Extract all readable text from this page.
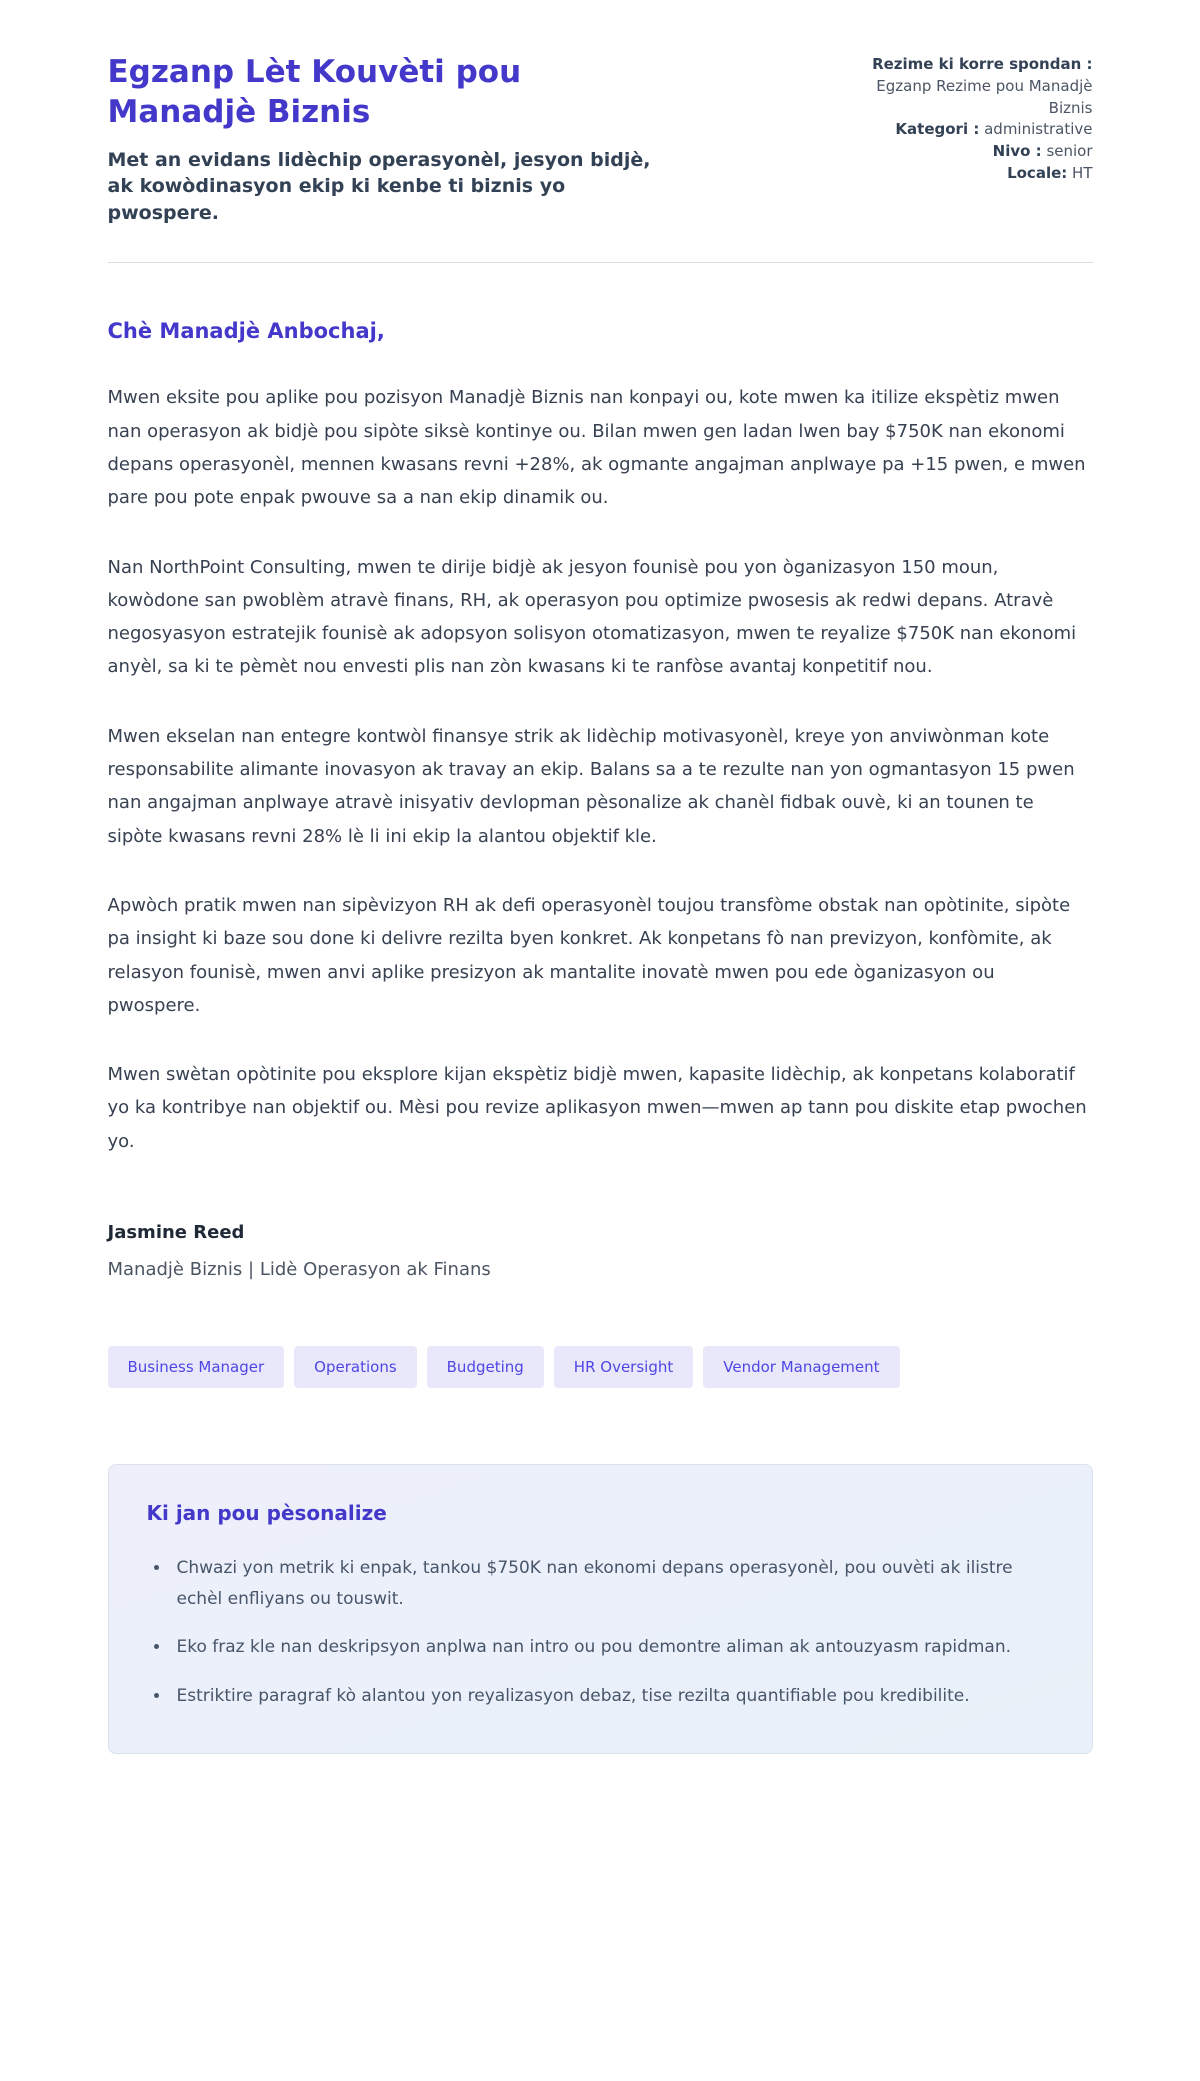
Egzanp Lèt Kouvèti pou Manadjè Biznis

Met an evidans lidèchip operasyonèl, jesyon bidjè, ak kowòdinasyon ekip ki kenbe ti biznis yo pwospere.

Rezime ki korre spondan : Egzanp Rezime pou Manadjè Biznis
Kategori : administrative
Nivo : senior
Locale: HT

Chè Manadjè Anbochaj,

Mwen eksite pou aplike pou pozisyon Manadjè Biznis nan konpayi ou, kote mwen ka itilize ekspètiz mwen nan operasyon ak bidjè pou sipòte siksè kontinye ou. Bilan mwen gen ladan lwen bay $750K nan ekonomi depans operasyonèl, mennen kwasans revni +28%, ak ogmante angajman anplwaye pa +15 pwen, e mwen pare pou pote enpak pwouve sa a nan ekip dinamik ou.

Nan NorthPoint Consulting, mwen te dirije bidjè ak jesyon founisè pou yon òganizasyon 150 moun, kowòdone san pwoblèm atravè finans, RH, ak operasyon pou optimize pwosesis ak redwi depans. Atravè negosyasyon estratejik founisè ak adopsyon solisyon otomatizasyon, mwen te reyalize $750K nan ekonomi anyèl, sa ki te pèmèt nou envesti plis nan zòn kwasans ki te ranfòse avantaj konpetitif nou.

Mwen ekselan nan entegre kontwòl finansye strik ak lidèchip motivasyonèl, kreye yon anviwònman kote responsabilite alimante inovasyon ak travay an ekip. Balans sa a te rezulte nan yon ogmantasyon 15 pwen nan angajman anplwaye atravè inisyativ devlopman pèsonalize ak chanèl fidbak ouvè, ki an tounen te sipòte kwasans revni 28% lè li ini ekip la alantou objektif kle.

Apwòch pratik mwen nan sipèvizyon RH ak defi operasyonèl toujou transfòme obstak nan opòtinite, sipòte pa insight ki baze sou done ki delivre rezilta byen konkret. Ak konpetans fò nan previzyon, konfòmite, ak relasyon founisè, mwen anvi aplike presizyon ak mantalite inovatè mwen pou ede òganizasyon ou pwospere.

Mwen swètan opòtinite pou eksplore kijan ekspètiz bidjè mwen, kapasite lidèchip, ak konpetans kolaboratif yo ka kontribye nan objektif ou. Mèsi pou revize aplikasyon mwen—mwen ap tann pou diskite etap pwochen yo.

Jasmine Reed

Manadjè Biznis | Lidè Operasyon ak Finans

Business Manager	Operations	Budgeting	HR Oversight	Vendor Management
Ki jan pou pèsonalize
• Chwazi yon metrik ki enpak, tankou $750K nan ekonomi depans operasyonèl, pou ouvèti ak ilistre echèl enfliyans ou touswit.
• Eko fraz kle nan deskripsyon anplwa nan intro ou pou demontre aliman ak antouzyasm rapidman.
• Estriktire paragraf kò alantou yon reyalizasyon debaz, tise rezilta quantifiable pou kredibilite.
